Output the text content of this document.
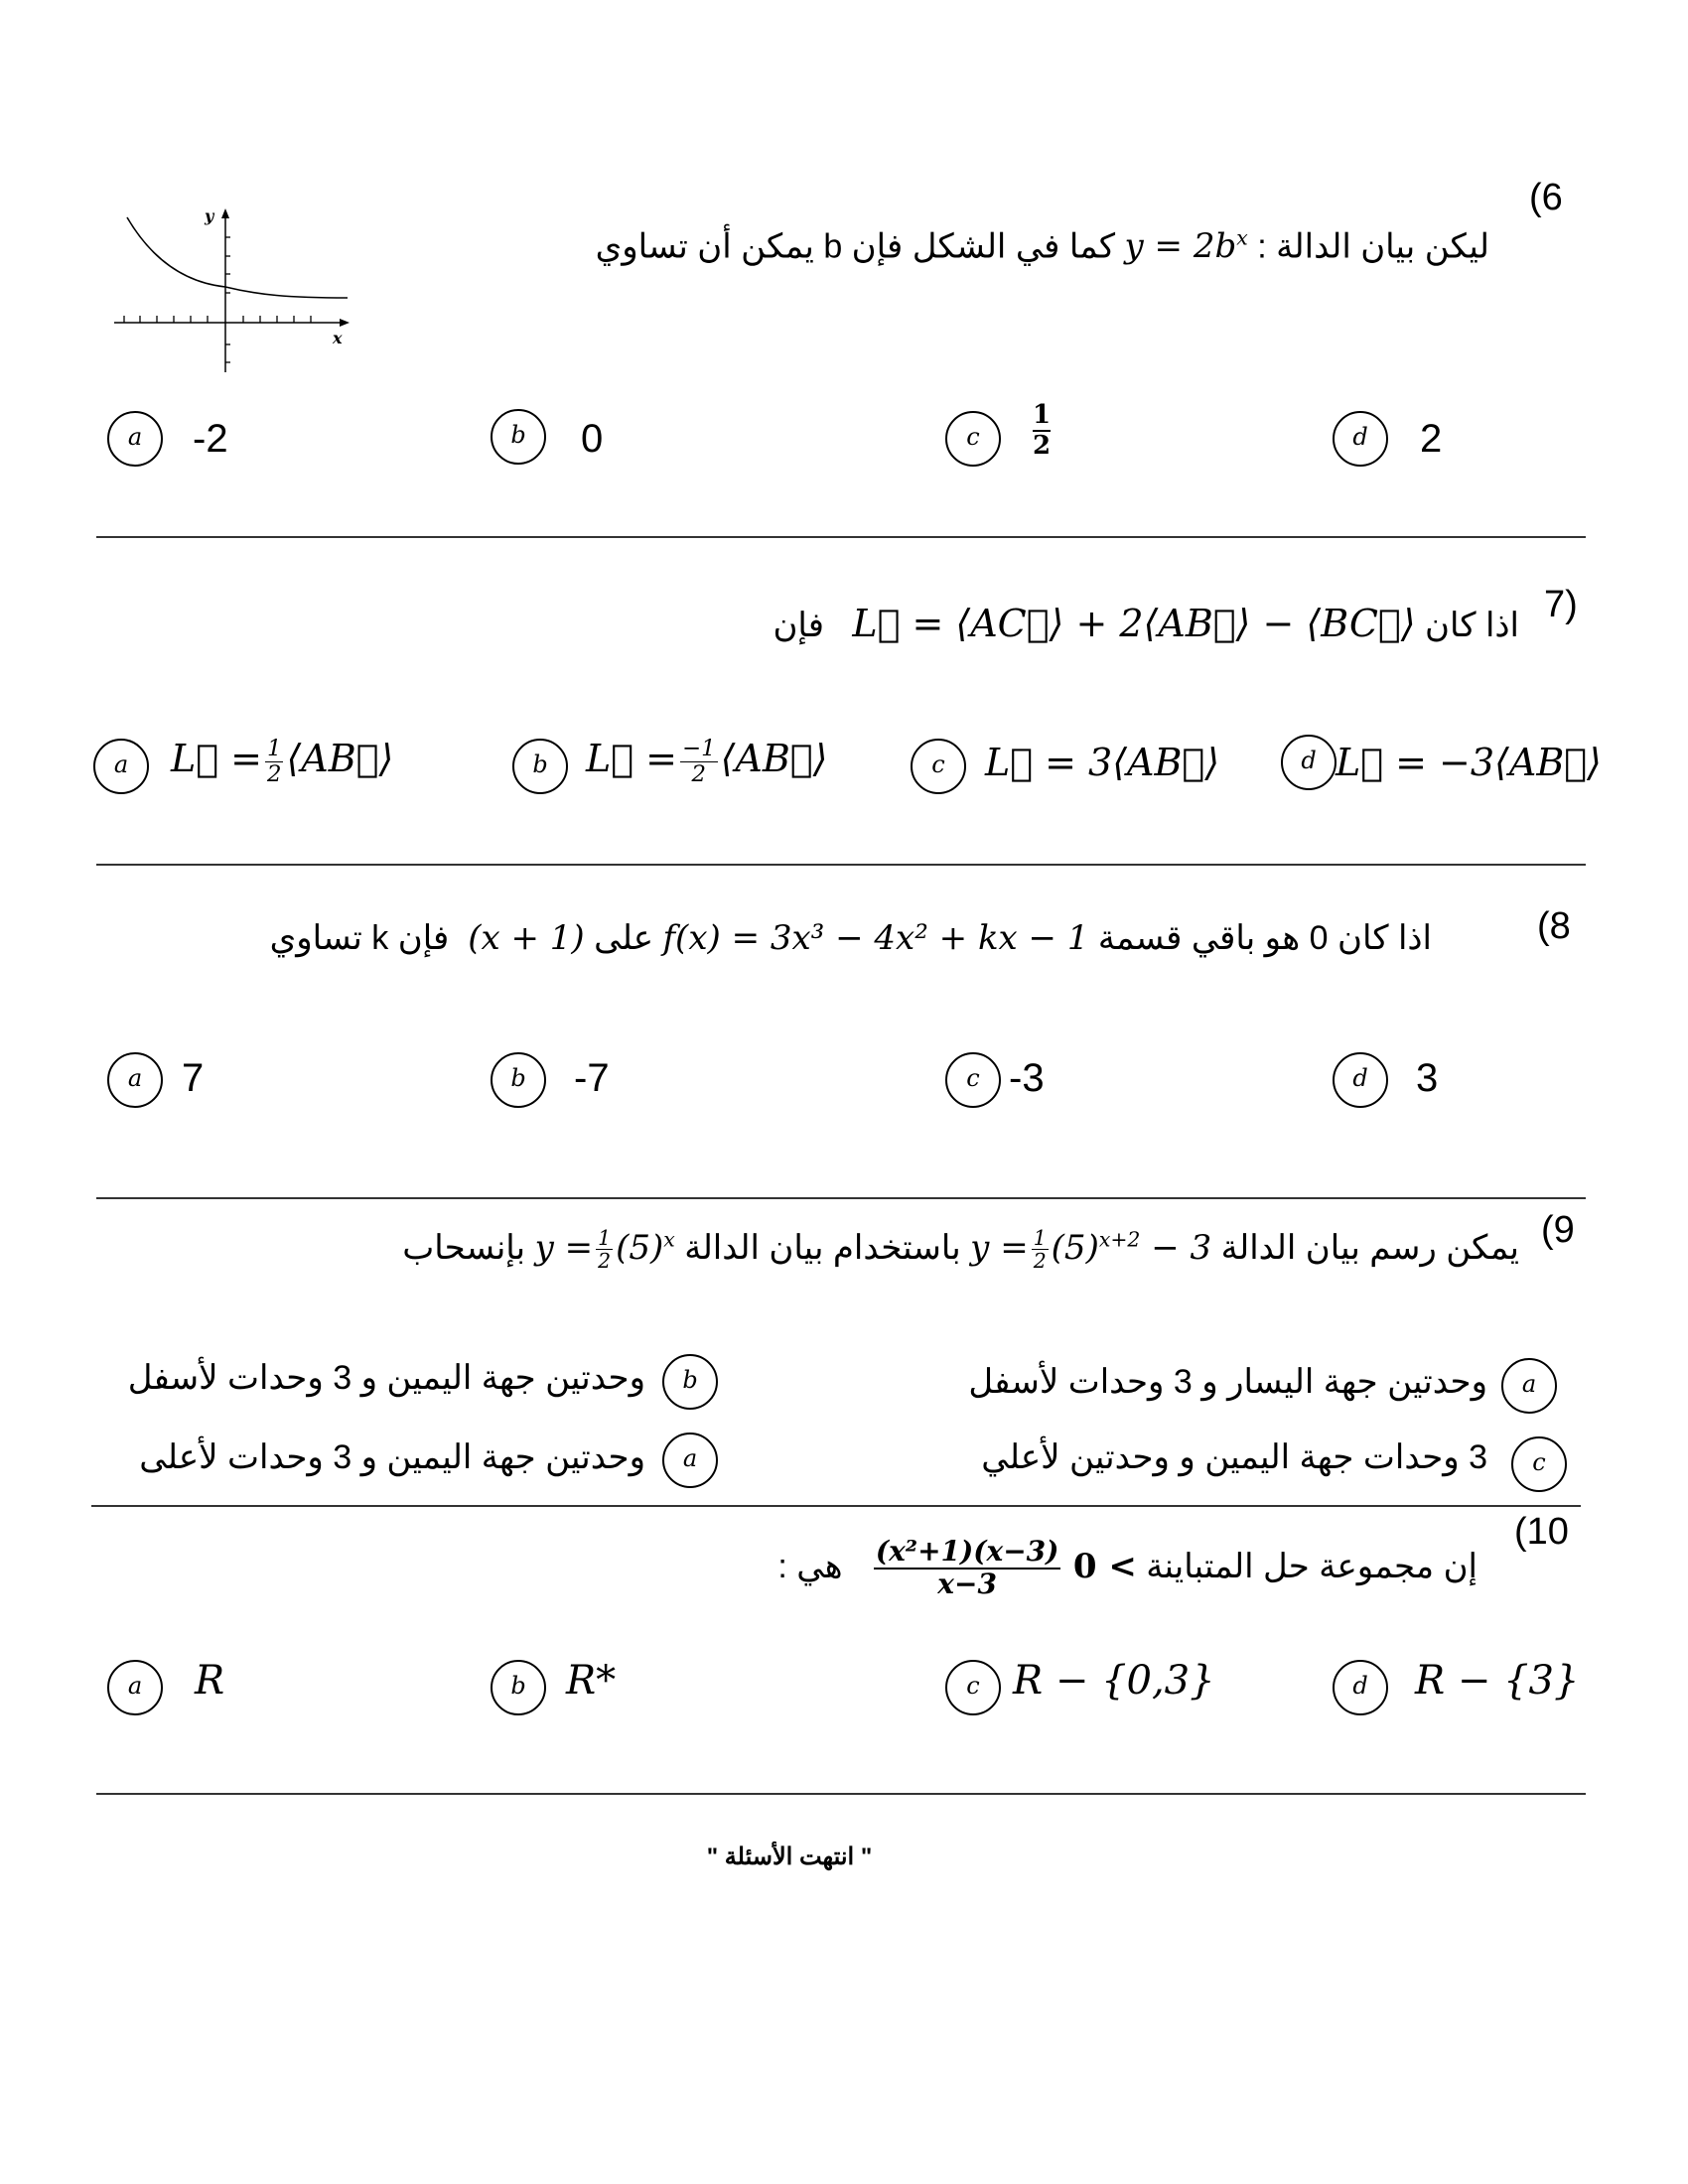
(6
ليكن بيان الدالة : $y = 2b^x$ كما في الشكل فإن b يمكن أن تساوي
y
x
a	-2	b	0	c	$\frac{1}{2}$	d	2
7)
اذا كان L⃗ = ⟨AC⃗⟩ + 2⟨AB⃗⟩ − ⟨BC⃗⟩   فإن
a	L⃗ = $\frac{1}{2}$ ⟨AB⃗⟩	b	L⃗ = $\frac{-1}{2}$ ⟨AB⃗⟩	c	L⃗ = 3⟨AB⃗⟩	d L⃗ = −3⟨AB⃗⟩
(8
اذا كان 0 هو باقي قسمة f(x) = 3x³ − 4x² + kx − 1 على (x + 1)  فإن k تساوي
a 7	b	-7	c -3	d	3
(9
يمكن رسم بيان الدالة $y = \frac{1}{2} (5)^{x+2} - 3$ باستخدام بيان الدالة $y = \frac{1}{2} (5)^x$ بإنسحاب
a
وحدتين جهة اليسار و 3 وحدات لأسفل
b
وحدتين جهة اليمين و 3 وحدات لأسفل
c
3 وحدات جهة اليمين و وحدتين لأعلي
a
وحدتين جهة اليمين و 3 وحدات لأعلى
(10
إن مجموعة حل المتباينة 0 <
$\frac{\text{(x²+1)(x−3)}}{x-3}$
هي :
a	R	b	R*	c R − {0,3}	d	R − {3}
" انتهت الأسئلة "
